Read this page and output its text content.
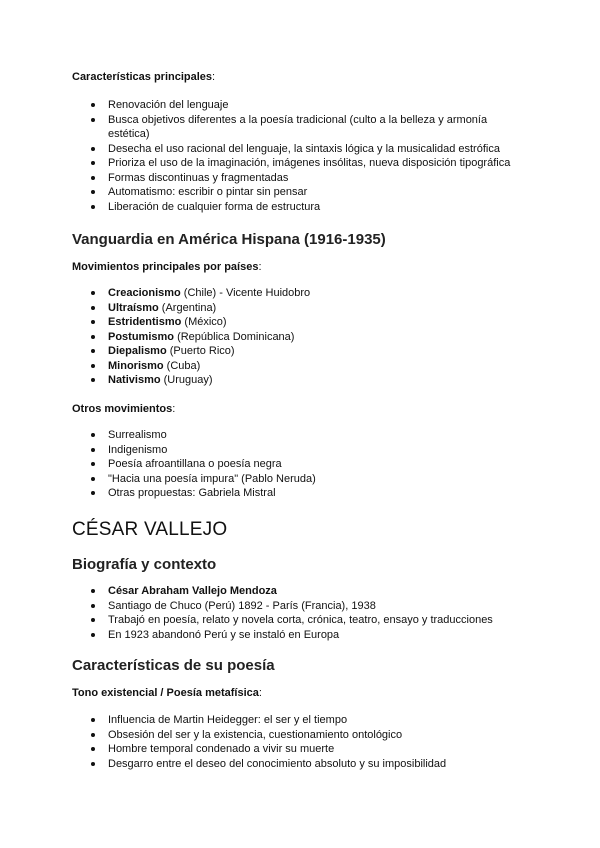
Características principales:
Renovación del lenguaje
Busca objetivos diferentes a la poesía tradicional (culto a la belleza y armonía estética)
Desecha el uso racional del lenguaje, la sintaxis lógica y la musicalidad estrófica
Prioriza el uso de la imaginación, imágenes insólitas, nueva disposición tipográfica
Formas discontinuas y fragmentadas
Automatismo: escribir o pintar sin pensar
Liberación de cualquier forma de estructura
Vanguardia en América Hispana (1916-1935)
Movimientos principales por países:
Creacionismo (Chile) - Vicente Huidobro
Ultraísmo (Argentina)
Estridentismo (México)
Postumismo (República Dominicana)
Diepalismo (Puerto Rico)
Minorismo (Cuba)
Nativismo (Uruguay)
Otros movimientos:
Surrealismo
Indigenismo
Poesía afroantillana o poesía negra
"Hacia una poesía impura" (Pablo Neruda)
Otras propuestas: Gabriela Mistral
CÉSAR VALLEJO
Biografía y contexto
César Abraham Vallejo Mendoza
Santiago de Chuco (Perú) 1892 - París (Francia), 1938
Trabajó en poesía, relato y novela corta, crónica, teatro, ensayo y traducciones
En 1923 abandonó Perú y se instaló en Europa
Características de su poesía
Tono existencial / Poesía metafísica:
Influencia de Martin Heidegger: el ser y el tiempo
Obsesión del ser y la existencia, cuestionamiento ontológico
Hombre temporal condenado a vivir su muerte
Desgarro entre el deseo del conocimiento absoluto y su imposibilidad
